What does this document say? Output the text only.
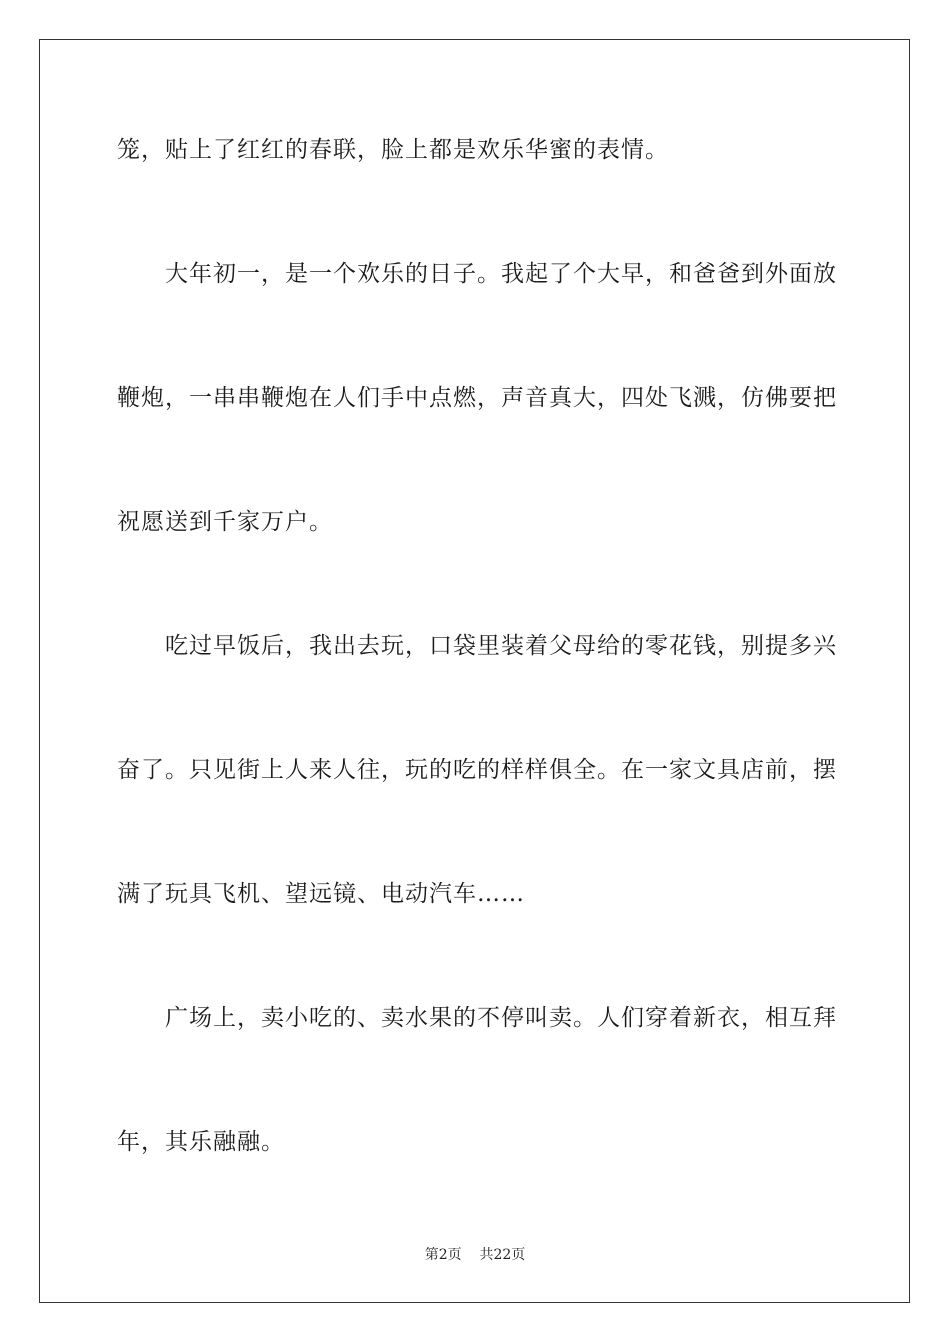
笼，贴上了红红的春联，脸上都是欢乐华蜜的表情。
大年初一，是一个欢乐的日子。我起了个大早，和爸爸到外面放
鞭炮，一串串鞭炮在人们手中点燃，声音真大，四处飞溅，仿佛要把
祝愿送到千家万户。
吃过早饭后，我出去玩，口袋里装着父母给的零花钱，别提多兴
奋了。只见街上人来人往，玩的吃的样样俱全。在一家文具店前，摆
满了玩具飞机、望远镜、电动汽车……
广场上，卖小吃的、卖水果的不停叫卖。人们穿着新衣，相互拜
年，其乐融融。
第2页 共22页
